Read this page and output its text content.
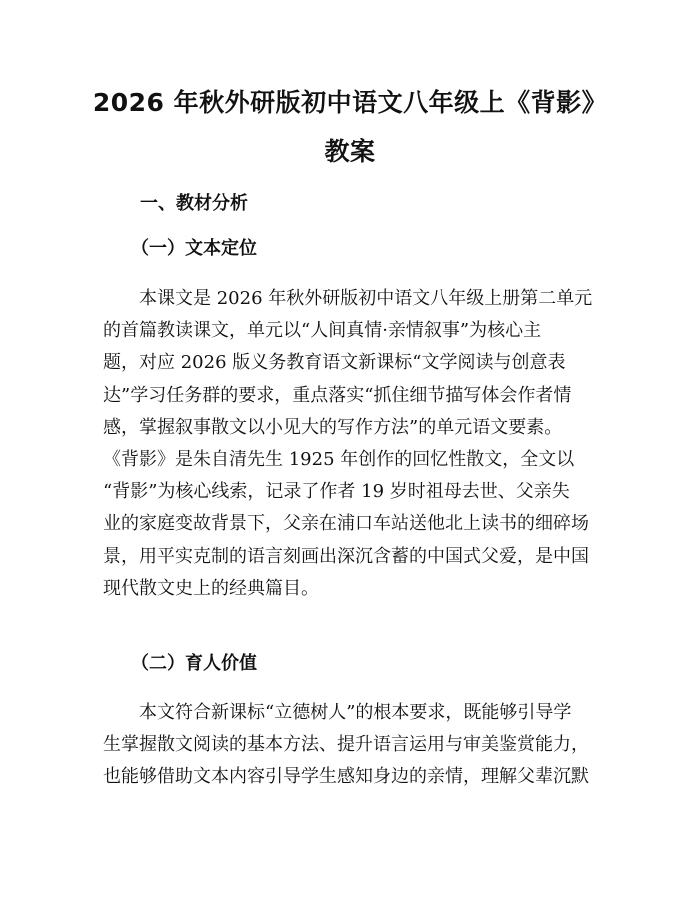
2026 年秋外研版初中语文八年级上《背影》
教案
一、教材分析
（一）文本定位
　　本课文是 2026 年秋外研版初中语文八年级上册第二单元
的首篇教读课文，单元以“人间真情·亲情叙事”为核心主
题，对应 2026 版义务教育语文新课标“文学阅读与创意表
达”学习任务群的要求，重点落实“抓住细节描写体会作者情
感，掌握叙事散文以小见大的写作方法”的单元语文要素。
《背影》是朱自清先生 1925 年创作的回忆性散文，全文以
“背影”为核心线索，记录了作者 19 岁时祖母去世、父亲失
业的家庭变故背景下，父亲在浦口车站送他北上读书的细碎场
景，用平实克制的语言刻画出深沉含蓄的中国式父爱，是中国
现代散文史上的经典篇目。
（二）育人价值
　　本文符合新课标“立德树人”的根本要求，既能够引导学
生掌握散文阅读的基本方法、提升语言运用与审美鉴赏能力，
也能够借助文本内容引导学生感知身边的亲情，理解父辈沉默
